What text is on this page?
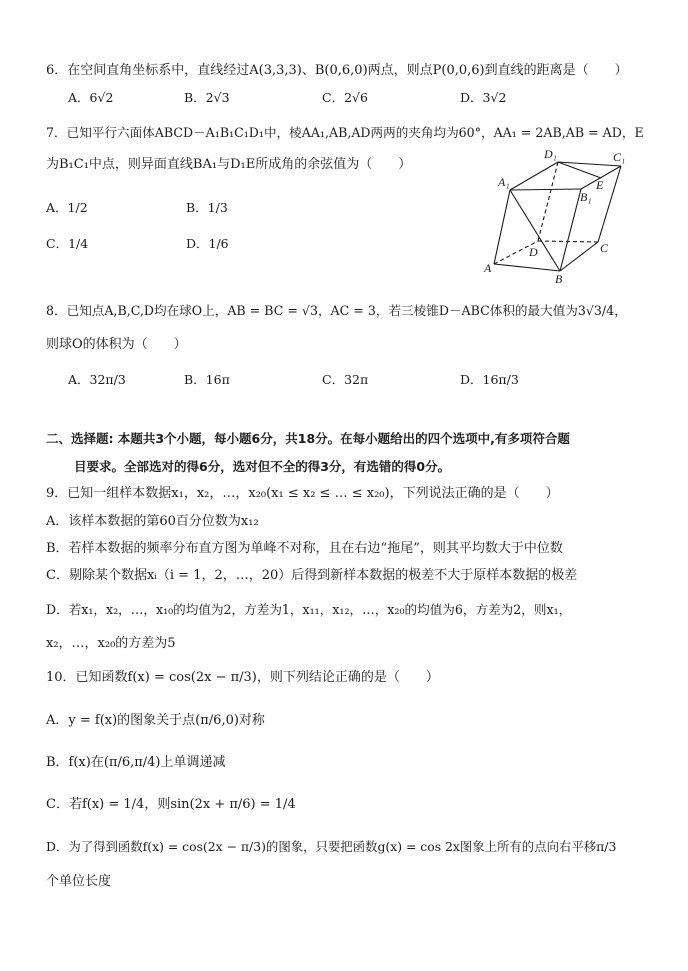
6．在空间直角坐标系中，直线经过A(3,3,3)、B(0,6,0)两点，则点P(0,0,6)到直线的距离是（　　）
A．6√2	B．2√3	C．2√6	D．3√2
7．已知平行六面体ABCD－A₁B₁C₁D₁中，棱AA₁,AB,AD两两的夹角均为60°，AA₁ = 2AB,AB = AD，E
为B₁C₁中点，则异面直线BA₁与D₁E所成角的余弦值为（　　）
A．1/2	B．1/3
C．1/4	D．1/6
A
B
C
D
A₁
B₁
C₁
D₁
E
8．已知点A,B,C,D均在球O上，AB = BC = √3，AC = 3，若三棱锥D－ABC体积的最大值为3√3/4，
则球O的体积为（　　）
A．32π/3	B．16π	C．32π	D．16π/3
二、选择题: 本题共3个小题，每小题6分，共18分。在每小题给出的四个选项中,有多项符合题
目要求。全部选对的得6分，选对但不全的得3分，有选错的得0分。
9．已知一组样本数据x₁，x₂，…，x₂₀(x₁ ≤ x₂ ≤ … ≤ x₂₀)，下列说法正确的是（　　）
A．该样本数据的第60百分位数为x₁₂
B．若样本数据的频率分布直方图为单峰不对称，且在右边“拖尾”，则其平均数大于中位数
C．剔除某个数据xᵢ（i = 1，2，…，20）后得到新样本数据的极差不大于原样本数据的极差
D．若x₁，x₂，…，x₁₀的均值为2，方差为1，x₁₁，x₁₂，…，x₂₀的均值为6，方差为2，则x₁，
x₂，…，x₂₀的方差为5
10．已知函数f(x) = cos(2x − π/3)，则下列结论正确的是（　　）
A．y = f(x)的图象关于点(π/6,0)对称
B．f(x)在(π/6,π/4)上单调递减
C．若f(x) = 1/4，则sin(2x + π/6) = 1/4
D．为了得到函数f(x) = cos(2x − π/3)的图象，只要把函数g(x) = cos 2x图象上所有的点向右平移π/3
个单位长度
